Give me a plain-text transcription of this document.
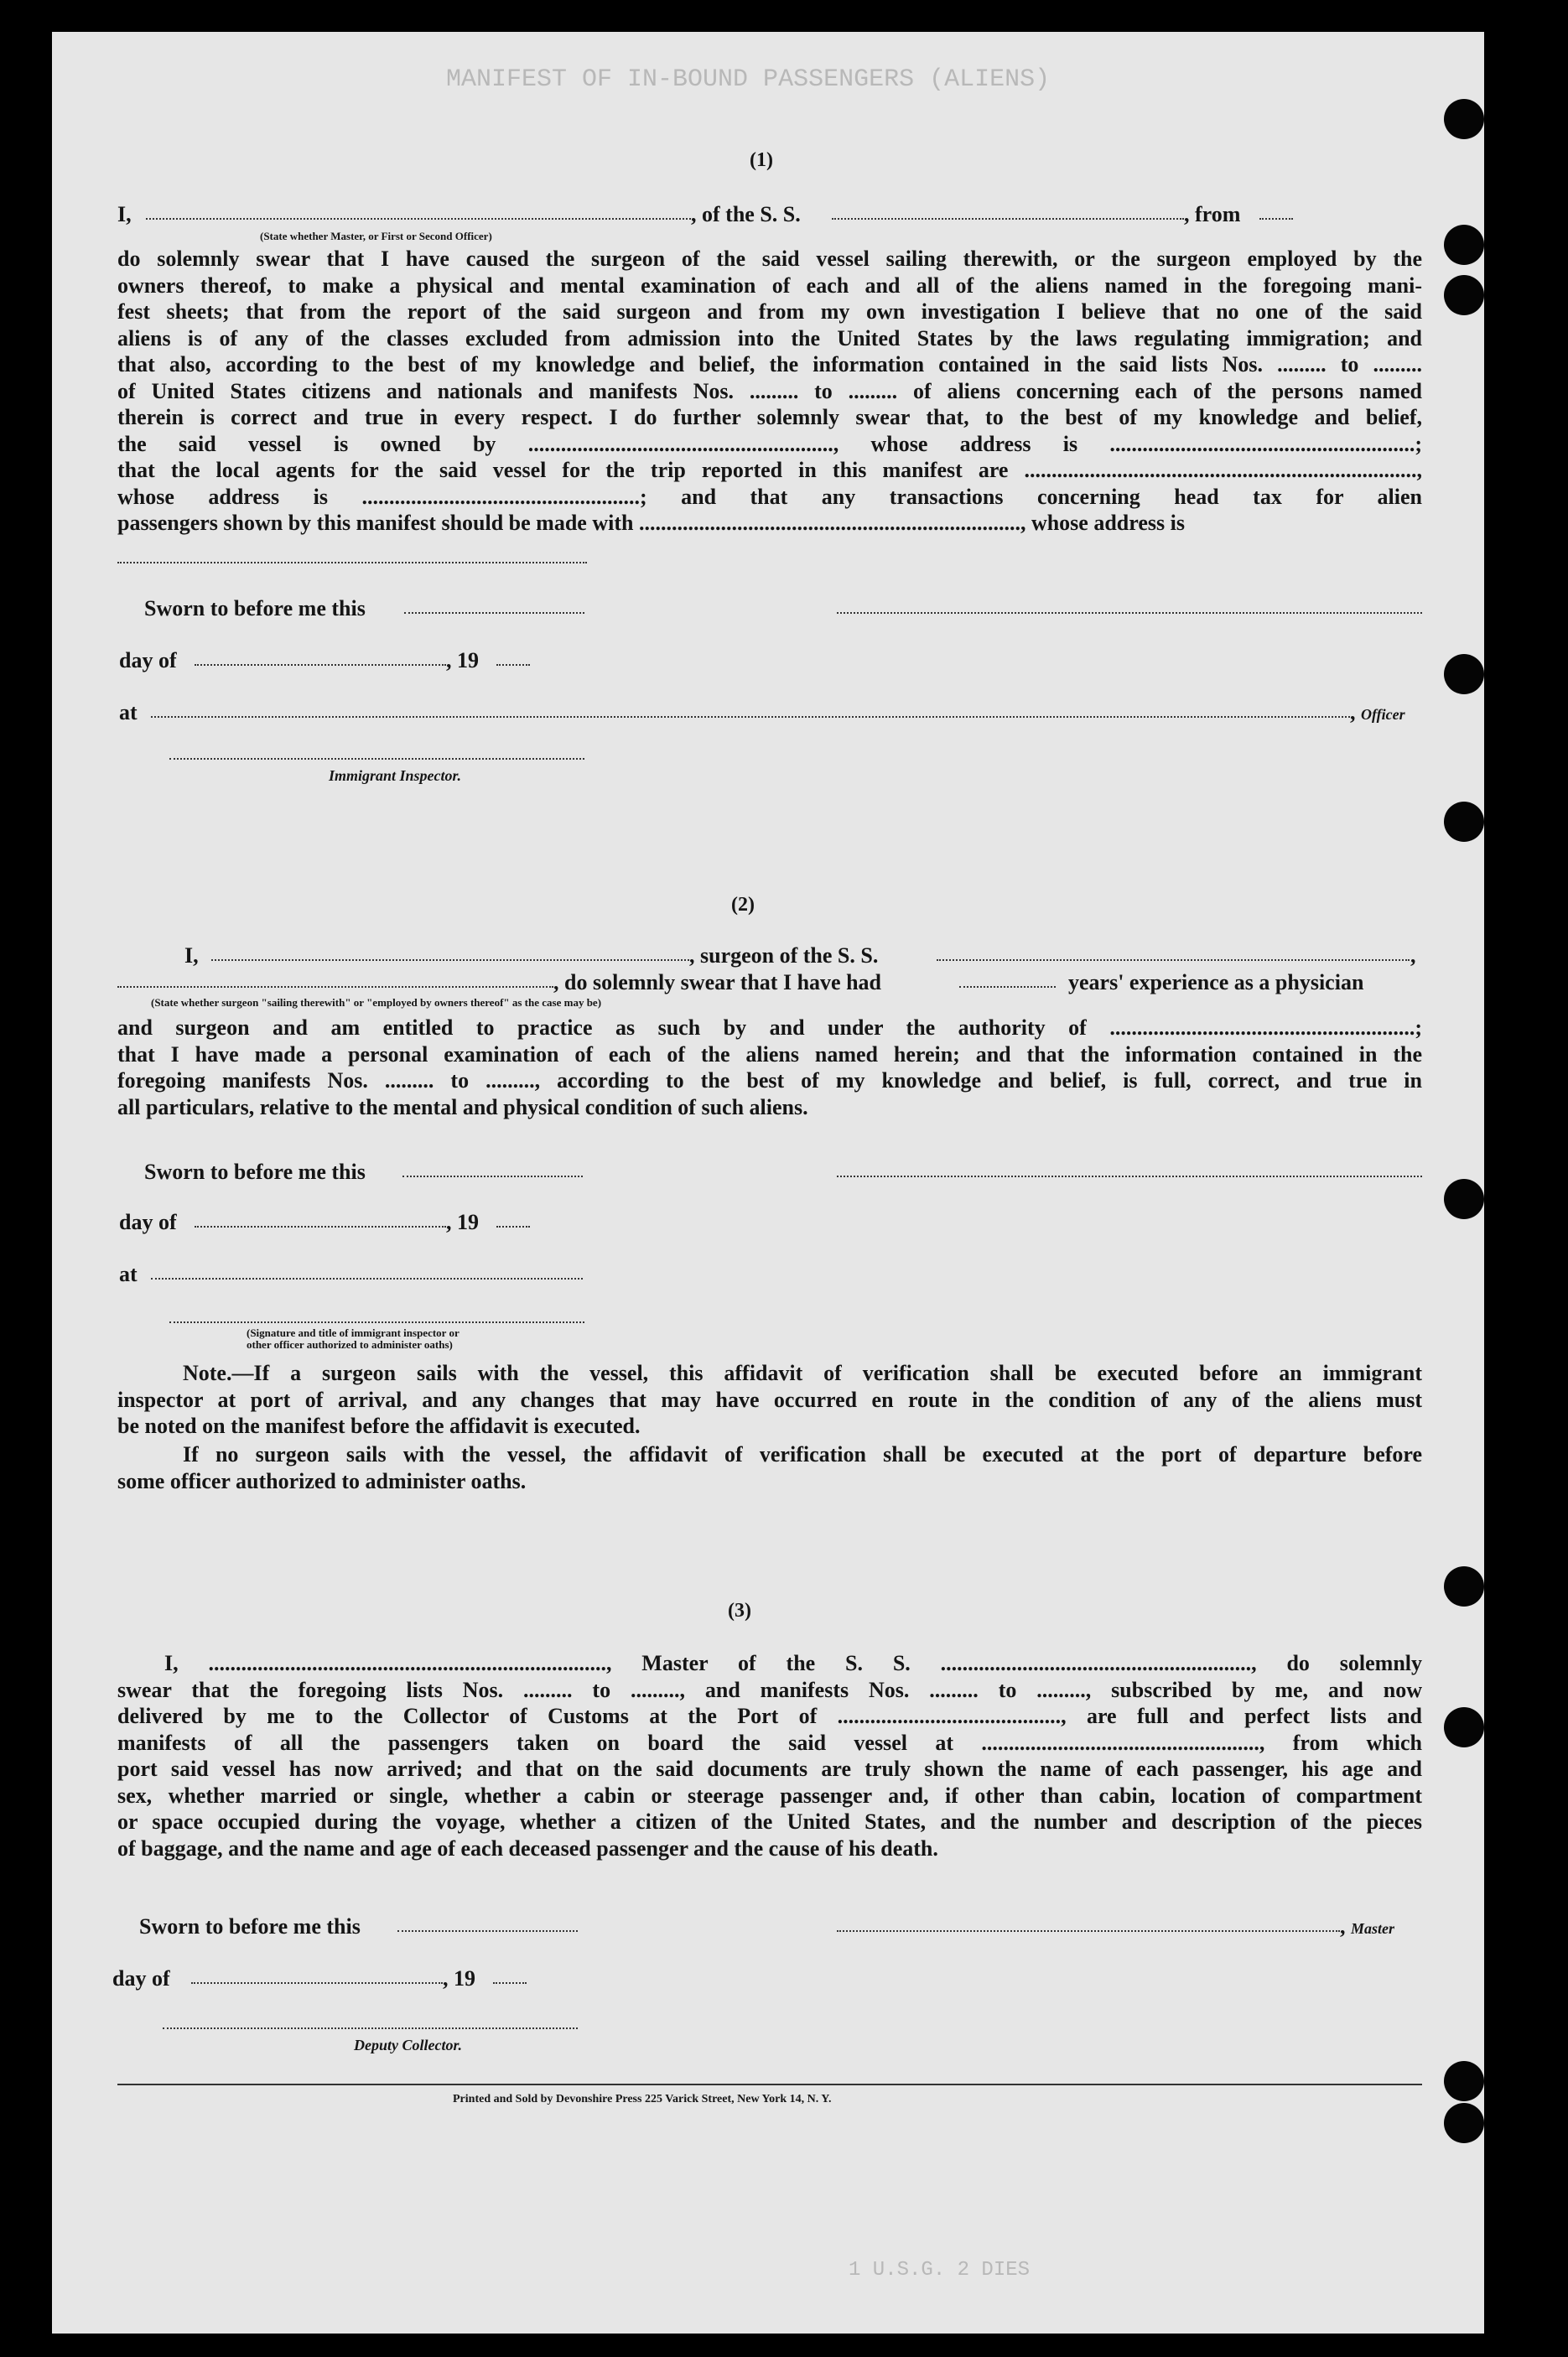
MANIFEST OF IN-BOUND PASSENGERS (ALIENS)
(1)
I,	, of the S. S.	, from
(State whether Master, or First or Second Officer)
do solemnly swear that I have caused the surgeon of the said vessel sailing therewith, or the surgeon employed by the
owners thereof, to make a physical and mental examination of each and all of the aliens named in the foregoing mani-
fest sheets; that from the report of the said surgeon and from my own investigation I believe that no one of the said
aliens is of any of the classes excluded from admission into the United States by the laws regulating immigration; and
that also, according to the best of my knowledge and belief, the information contained in the said lists Nos. ......... to .........
of United States citizens and nationals and manifests Nos. ......... to ......... of aliens concerning each of the persons named
therein is correct and true in every respect. I do further solemnly swear that, to the best of my knowledge and belief,
the said vessel is owned by ........................................................, whose address is ........................................................;
that the local agents for the said vessel for the trip reported in this manifest are ........................................................................,
whose address is ...................................................; and that any transactions concerning head tax for alien
passengers shown by this manifest should be made with ......................................................................, whose address is
Sworn to before me this
day of	, 19
at	, Officer
Immigrant Inspector.
(2)
I,	, surgeon of the S. S.	,
, do solemnly swear that I have had	years' experience as a physician
(State whether surgeon "sailing therewith" or "employed by owners thereof" as the case may be)
and surgeon and am entitled to practice as such by and under the authority of ........................................................;
that I have made a personal examination of each of the aliens named herein; and that the information contained in the
foregoing manifests Nos. ......... to ........., according to the best of my knowledge and belief, is full, correct, and true in
all particulars, relative to the mental and physical condition of such aliens.
Sworn to before me this
day of	, 19
at
(Signature and title of immigrant inspector or
other officer authorized to administer oaths)
Note.—If a surgeon sails with the vessel, this affidavit of verification shall be executed before an immigrant
inspector at port of arrival, and any changes that may have occurred en route in the condition of any of the aliens must
be noted on the manifest before the affidavit is executed.
If no surgeon sails with the vessel, the affidavit of verification shall be executed at the port of departure before
some officer authorized to administer oaths.
(3)
I, ........................................................................., Master of the S. S. ........................................................., do solemnly
swear that the foregoing lists Nos. ......... to ........., and manifests Nos. ......... to ........., subscribed by me, and now
delivered by me to the Collector of Customs at the Port of ........................................., are full and perfect lists and
manifests of all the passengers taken on board the said vessel at ..................................................., from which
port said vessel has now arrived; and that on the said documents are truly shown the name of each passenger, his age and
sex, whether married or single, whether a cabin or steerage passenger and, if other than cabin, location of compartment
or space occupied during the voyage, whether a citizen of the United States, and the number and description of the pieces
of baggage, and the name and age of each deceased passenger and the cause of his death.
Sworn to before me this	, Master
day of	, 19
Deputy Collector.
Printed and Sold by Devonshire Press 225 Varick Street, New York 14, N. Y.
1 U.S.G. 2 DIES
